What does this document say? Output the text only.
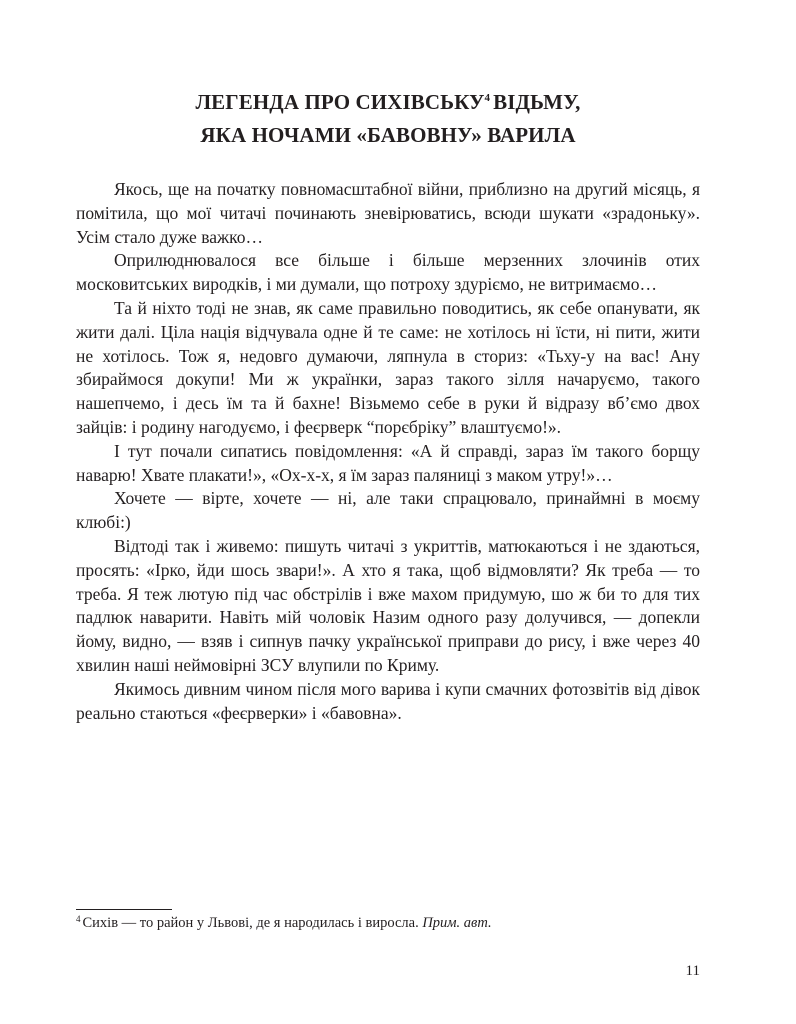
ЛЕГЕНДА ПРО СИХІВСЬКУ$^4$ ВІДЬМУ,
ЯКА НОЧАМИ «БАВОВНУ» ВАРИЛА

Якось, ще на початку повномасштабної війни, приблизно на другий місяць, я помітила, що мої читачі починають зневірюватись, всюди шукати «зрадоньку». Усім стало дуже важко…

Оприлюднювалося все більше і більше мерзенних злочинів отих московитських виродків, і ми думали, що потроху здуріємо, не витримаємо…

Та й ніхто тоді не знав, як саме правильно поводитись, як себе опанувати, як жити далі. Ціла нація відчувала одне й те саме: не хотілось ні їсти, ні пити, жити не хотілось. Тож я, недовго думаючи, ляпнула в сториз: «Тьху-у на вас! Ану збираймося докупи! Ми ж українки, зараз такого зілля начаруємо, такого нашепчемо, і десь їм та й бахне! Візьмемо себе в руки й відразу вб’ємо двох зайців: і родину нагодуємо, і феєрверк “порєбріку” влаштуємо!».

І тут почали сипатись повідомлення: «А й справді, зараз їм такого борщу наварю! Хвате плакати!», «Ох-х-х, я їм зараз паляниці з маком утру!»…

Хочете — вірте, хочете — ні, але таки спрацювало, принаймні в моєму клюбі:)

Відтоді так і живемо: пишуть читачі з укриттів, матюкаються і не здаються, просять: «Ірко, йди шось звари!». А хто я така, щоб відмовляти? Як треба — то треба. Я теж лютую під час обстрілів і вже махом придумую, шо ж би то для тих падлюк наварити. Навіть мій чоловік Назим одного разу долучився, — допекли йому, видно, — взяв і сипнув пачку української приправи до рису, і вже через 40 хвилин наші неймовірні ЗСУ влупили по Криму.

Якимось дивним чином після мого варива і купи смачних фотозвітів від дівок реально стаються «феєрверки» і «бавовна».

$^4$ Сихів — то район у Львові, де я народилась і виросла. Прим. авт.
11
